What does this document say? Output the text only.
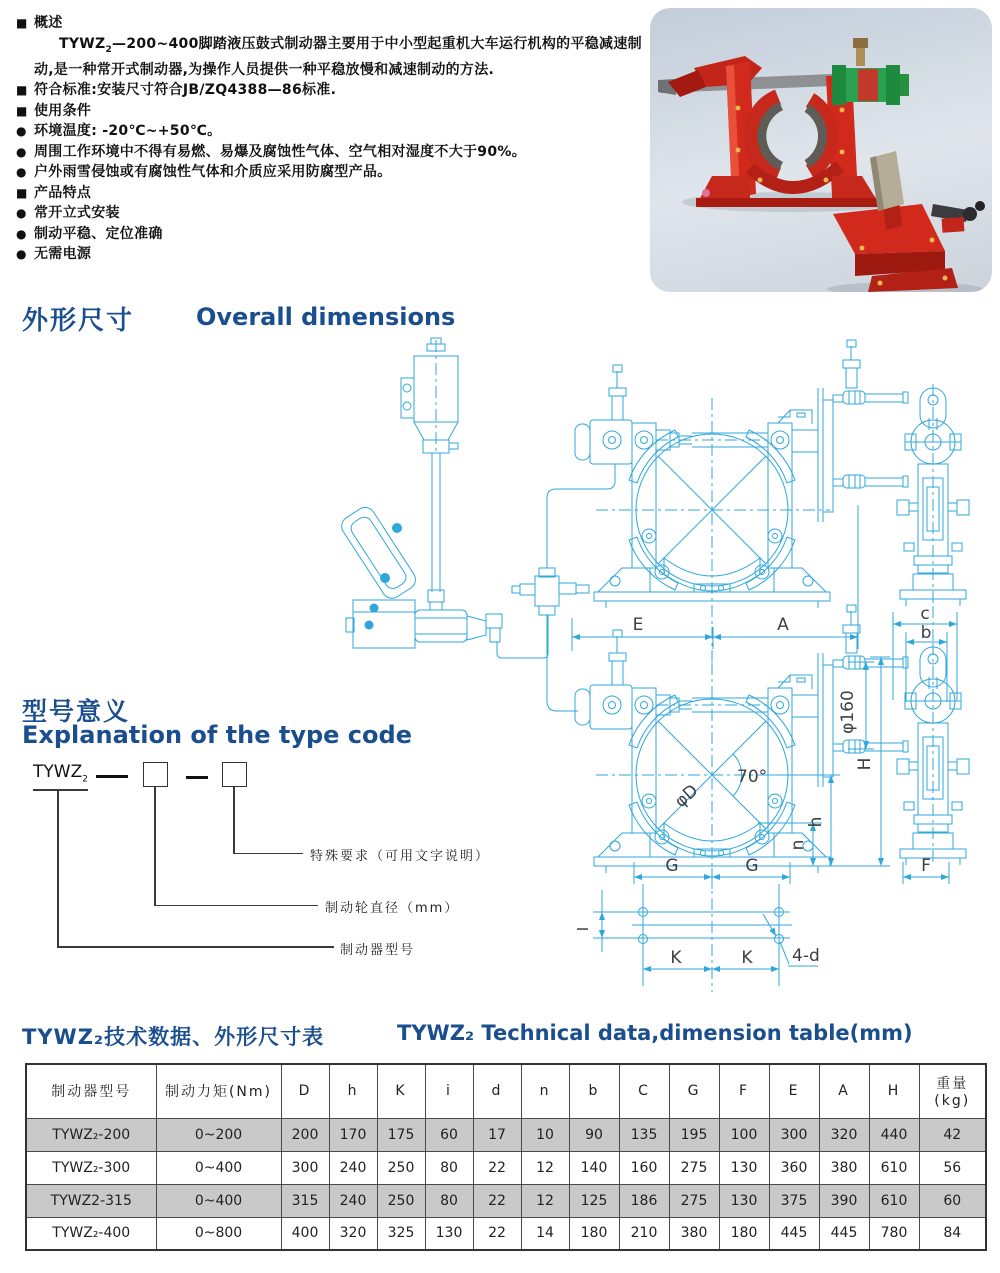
■ 概述
$TYWZ_2—200\sim 400$脚踏液压鼓式制动器主要用于中小型起重机大车运行机构的平稳减速制动,是一种常开式制动器,为操作人员提供一种平稳放慢和减速制动的方法.
■ 符合标准:安装尺寸符合JB/ZQ4388—86标准.
■ 使用条件
● 环境温度: -20℃~+50℃。
● 周围工作环境中不得有易燃、易爆及腐蚀性气体、空气相对湿度不大于90%。
● 户外雨雪侵蚀或有腐蚀性气体和介质应采用防腐型产品。
■ 产品特点
● 常开立式安装
● 制动平稳、定位准确
● 无需电源
外形尺寸	Overall dimensions
E	A
c
b
φ160
H
h
n
70°
φD
G	G	F
I
K	K 4-d
型号意义
Explanation of the type code
$TYWZ_2$
特殊要求（可用文字说明）
制动轮直径（mm）
制动器型号
TYWZ₂技术数据、外形尺寸表	TYWZ₂ Technical data,dimension table(mm)
制动器型号	制动力矩(Nm)	D	h	K	i	d	n	b	C	G	F	E	A	H	重量(kg)
TYWZ₂-200	0~200	200	170	175	60	17	10	90	135	195	100	300	320	440	42
TYWZ₂-300	0~400	300	240	250	80	22	12	140	160	275	130	360	380	610	56
TYWZ2-315	0~400	315	240	250	80	22	12	125	186	275	130	375	390	610	60
TYWZ₂-400	0~800	400	320	325	130	22	14	180	210	380	180	445	445	780	84
